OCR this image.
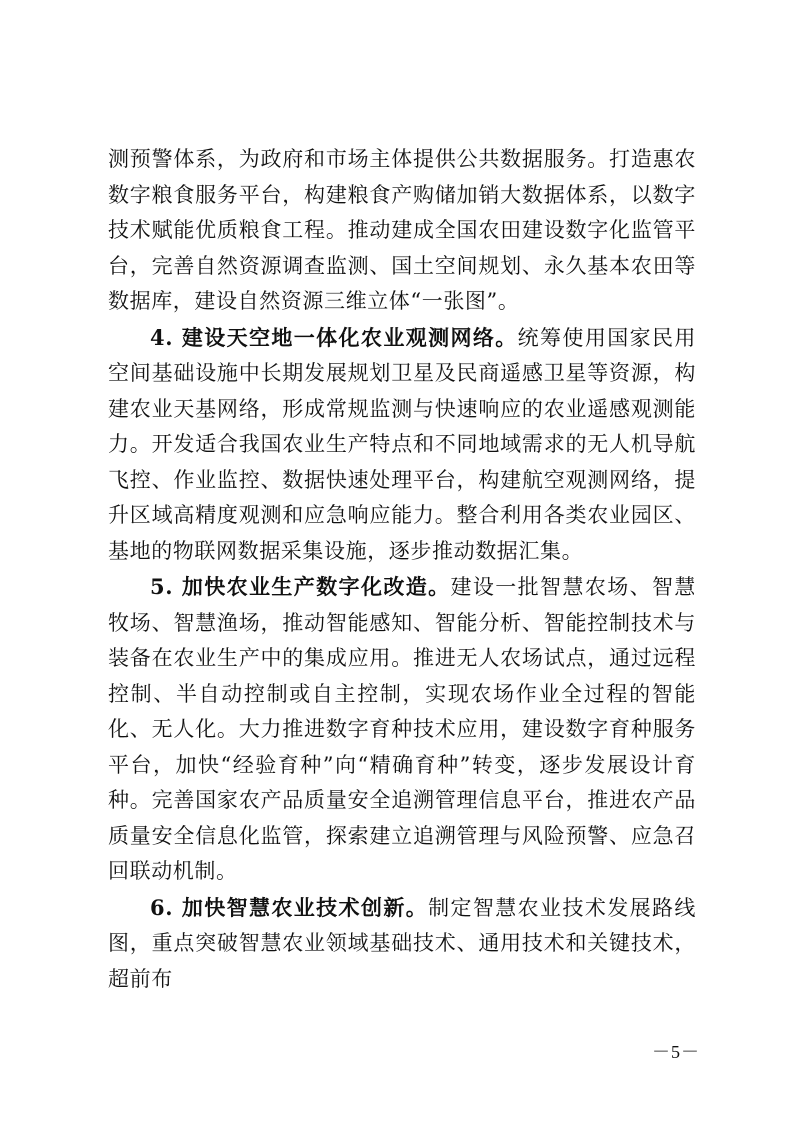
测预警体系，为政府和市场主体提供公共数据服务。打造惠农数字粮食服务平台，构建粮食产购储加销大数据体系，以数字技术赋能优质粮食工程。推动建成全国农田建设数字化监管平台，完善自然资源调查监测、国土空间规划、永久基本农田等数据库，建设自然资源三维立体“一张图”。

4. 建设天空地一体化农业观测网络。统筹使用国家民用空间基础设施中长期发展规划卫星及民商遥感卫星等资源，构建农业天基网络，形成常规监测与快速响应的农业遥感观测能力。开发适合我国农业生产特点和不同地域需求的无人机导航飞控、作业监控、数据快速处理平台，构建航空观测网络，提升区域高精度观测和应急响应能力。整合利用各类农业园区、基地的物联网数据采集设施，逐步推动数据汇集。

5. 加快农业生产数字化改造。建设一批智慧农场、智慧牧场、智慧渔场，推动智能感知、智能分析、智能控制技术与装备在农业生产中的集成应用。推进无人农场试点，通过远程控制、半自动控制或自主控制，实现农场作业全过程的智能化、无人化。大力推进数字育种技术应用，建设数字育种服务平台，加快“经验育种”向“精确育种”转变，逐步发展设计育种。完善国家农产品质量安全追溯管理信息平台，推进农产品质量安全信息化监管，探索建立追溯管理与风险预警、应急召回联动机制。

6. 加快智慧农业技术创新。制定智慧农业技术发展路线图，重点突破智慧农业领域基础技术、通用技术和关键技术，超前布

－5－
